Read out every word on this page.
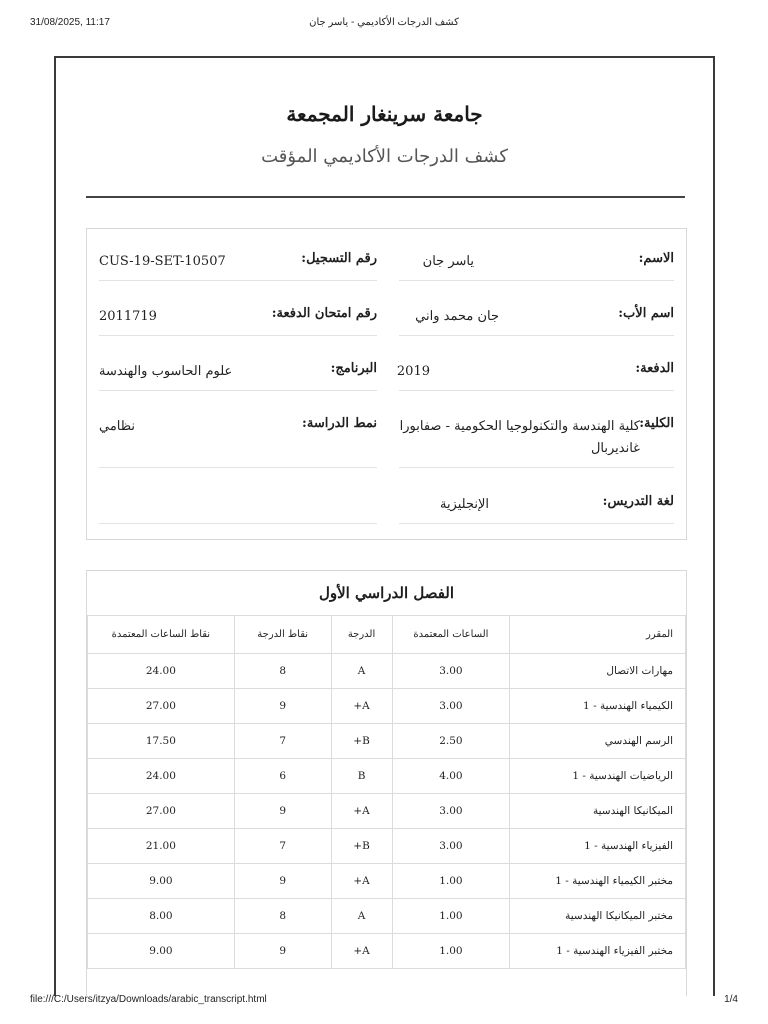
31/08/2025, 11:17	كشف الدرجات الأكاديمي - ياسر جان
جامعة سرينغار المجمعة
كشف الدرجات الأكاديمي المؤقت
الاسم:
ياسر جان
اسم الأب:
جان محمد واني
الدفعة:
2019
الكلية:
كلية الهندسة والتكنولوجيا الحكومية - صفابورا غانديربال
لغة التدريس:
الإنجليزية
رقم التسجيل:
CUS-19-SET-10507
رقم امتحان الدفعة:
2011719
البرنامج:
علوم الحاسوب والهندسة
نمط الدراسة:
نظامي
الفصل الدراسي الأول
المقرر	الساعات المعتمدة	الدرجة	نقاط الدرجة	نقاط الساعات المعتمدة
مهارات الاتصال	3.00	A	8	24.00
الكيمياء الهندسية - 1	3.00	+A	9	27.00
الرسم الهندسي	2.50	+B	7	17.50
الرياضيات الهندسية - 1	4.00	B	6	24.00
الميكانيكا الهندسية	3.00	+A	9	27.00
الفيزياء الهندسية - 1	3.00	+B	7	21.00
مختبر الكيمياء الهندسية - 1	1.00	+A	9	9.00
مختبر الميكانيكا الهندسية	1.00	A	8	8.00
مختبر الفيزياء الهندسية - 1	1.00	+A	9	9.00
file:///C:/Users/itzya/Downloads/arabic_transcript.html	1/4
